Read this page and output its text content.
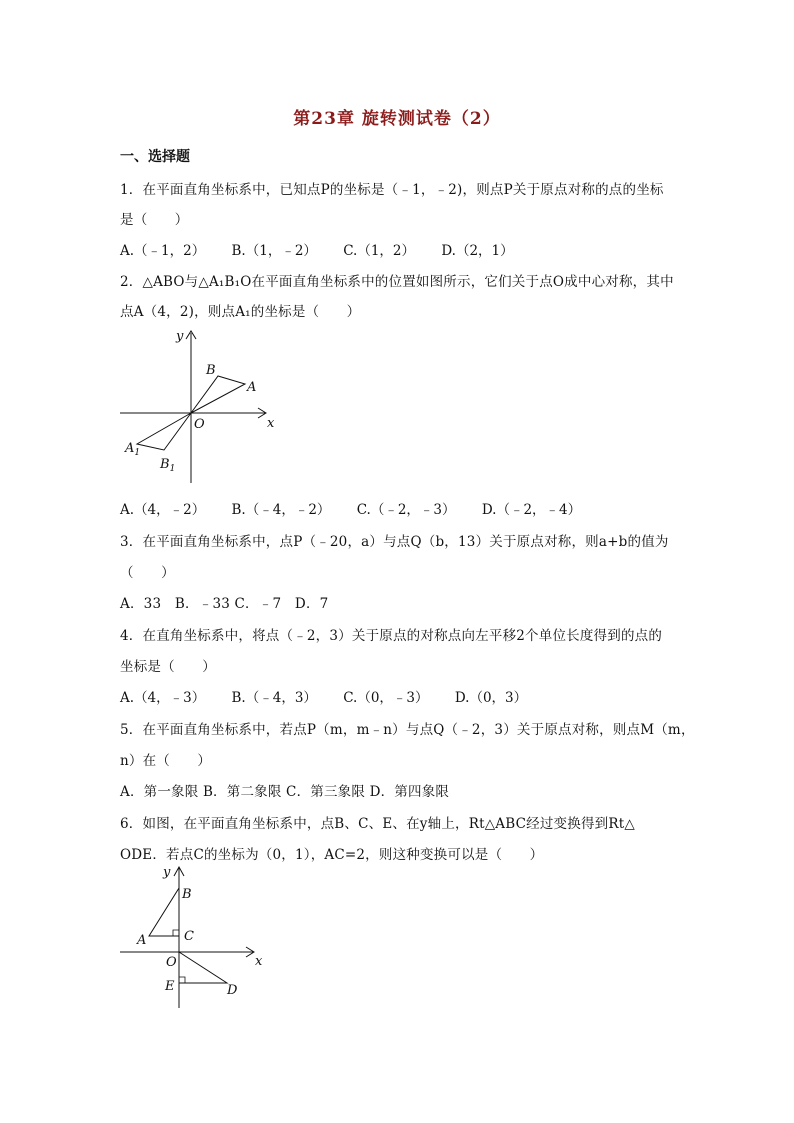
第23章 旋转测试卷（2）
一、选择题
1．在平面直角坐标系中，已知点P的坐标是（﹣1，﹣2)，则点P关于原点对称的点的坐标
是（　　）
A.（﹣1，2） B.（1，﹣2） C.（1，2） D.（2，1）
2．△ABO与△A₁B₁O在平面直角坐标系中的位置如图所示，它们关于点O成中心对称，其中
点A（4，2)，则点A₁的坐标是（　　）
y
x
O
B
A
$A_1$
$B_1$
A.（4，﹣2） B.（﹣4，﹣2） C.（﹣2，﹣3） D.（﹣2，﹣4）
3．在平面直角坐标系中，点P（﹣20，a）与点Q（b，13）关于原点对称，则a+b的值为
（　　）
A．33　B．﹣33 C．﹣7　D．7
4．在直角坐标系中，将点（﹣2，3）关于原点的对称点向左平移2个单位长度得到的点的
坐标是（　　）
A.（4，﹣3） B.（﹣4，3） C.（0，﹣3） D.（0，3）
5．在平面直角坐标系中，若点P（m，m﹣n）与点Q（﹣2，3）关于原点对称，则点M（m，
n）在（　　）
A．第一象限 B．第二象限 C．第三象限 D．第四象限
6．如图，在平面直角坐标系中，点B、C、E、在y轴上，Rt△ABC经过变换得到Rt△
ODE．若点C的坐标为（0，1），AC=2，则这种变换可以是（　　）
y
x
B
A	C
O
E	D
